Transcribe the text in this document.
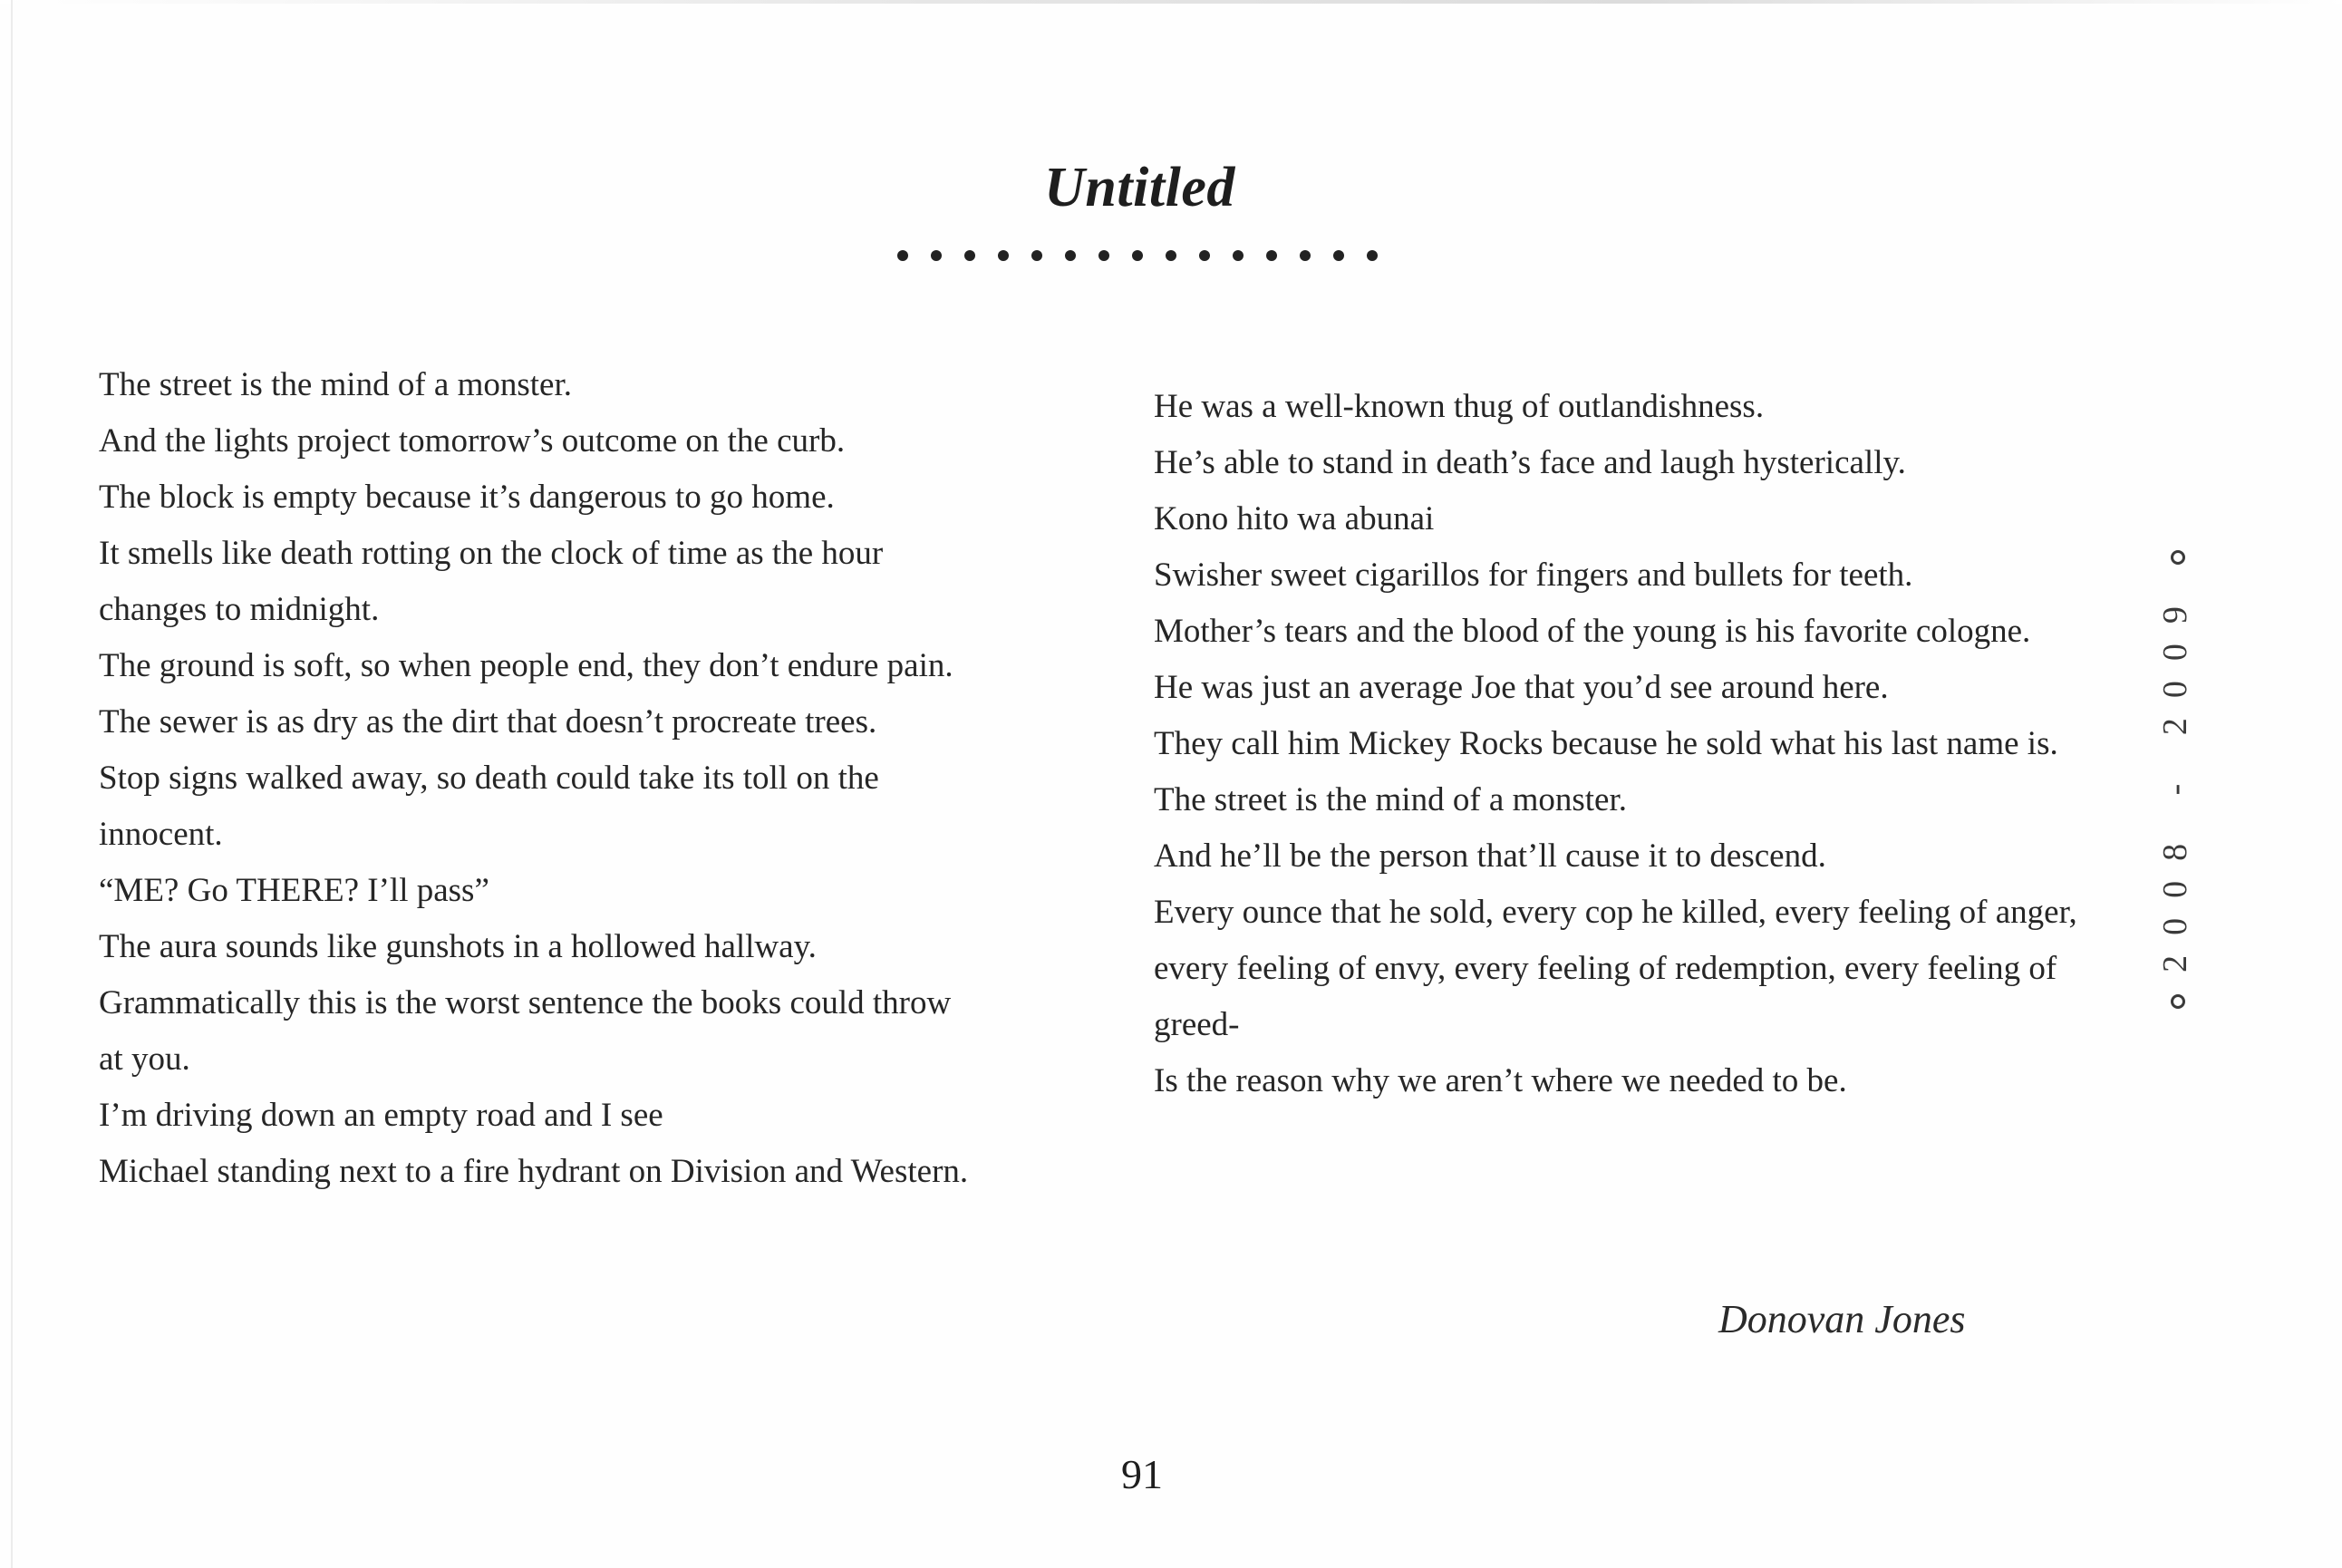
Untitled
The street is the mind of a monster.
And the lights project tomorrow’s outcome on the curb.
The block is empty because it’s dangerous to go home.
It smells like death rotting on the clock of time as the hour
changes to midnight.
The ground is soft, so when people end, they don’t endure pain.
The sewer is as dry as the dirt that doesn’t procreate trees.
Stop signs walked away, so death could take its toll on the
innocent.
“ME? Go THERE? I’ll pass”
The aura sounds like gunshots in a hollowed hallway.
Grammatically this is the worst sentence the books could throw
at you.
I’m driving down an empty road and I see
Michael standing next to a fire hydrant on Division and Western.
He was a well-known thug of outlandishness.
He’s able to stand in death’s face and laugh hysterically.
Kono hito wa abunai
Swisher sweet cigarillos for fingers and bullets for teeth.
Mother’s tears and the blood of the young is his favorite cologne.
He was just an average Joe that you’d see around here.
They call him Mickey Rocks because he sold what his last name is.
The street is the mind of a monster.
And he’ll be the person that’ll cause it to descend.
Every ounce that he sold, every cop he killed, every feeling of anger,
every feeling of envy, every feeling of redemption, every feeling of
greed-
Is the reason why we aren’t where we needed to be.
Donovan Jones
91
2008 - 2009
